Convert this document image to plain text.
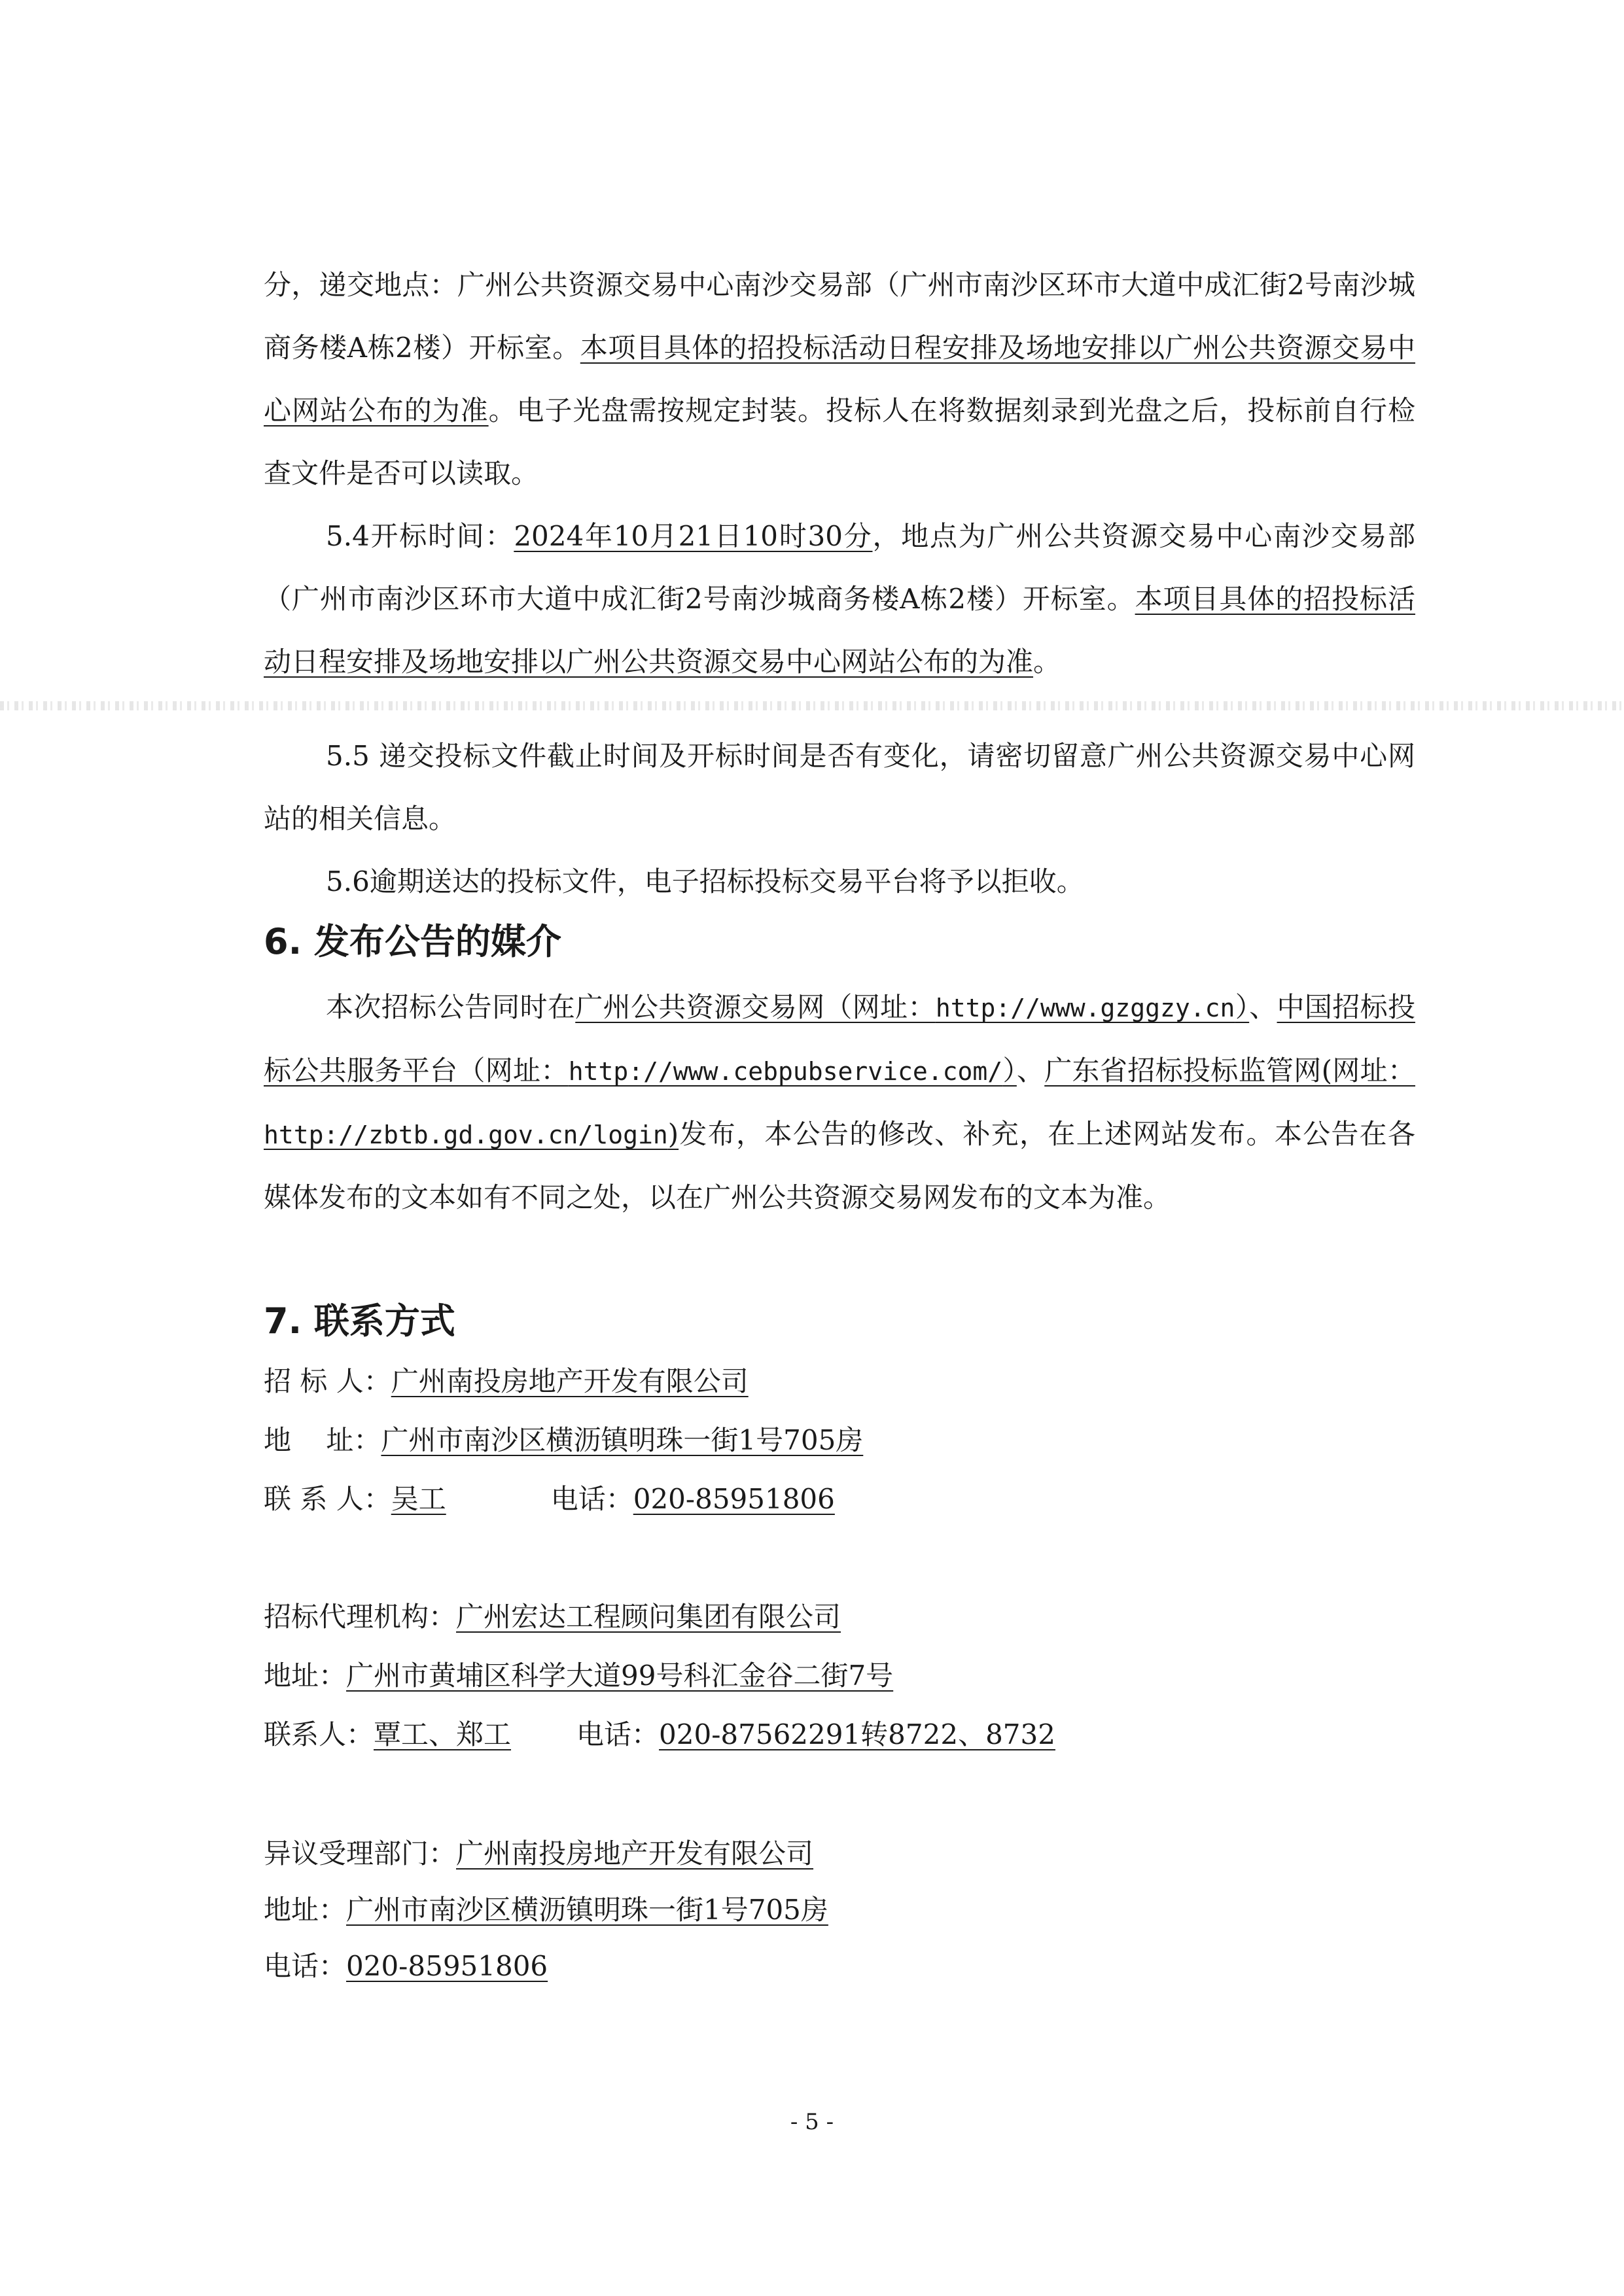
分，递交地点：广州公共资源交易中心南沙交易部（广州市南沙区环市大道中成汇街2号南沙城商务楼A栋2楼）开标室。本项目具体的招投标活动日程安排及场地安排以广州公共资源交易中心网站公布的为准。电子光盘需按规定封装。投标人在将数据刻录到光盘之后，投标前自行检查文件是否可以读取。

5.4开标时间：2024年10月21日10时30分，地点为广州公共资源交易中心南沙交易部（广州市南沙区环市大道中成汇街2号南沙城商务楼A栋2楼）开标室。本项目具体的招投标活动日程安排及场地安排以广州公共资源交易中心网站公布的为准。

5.5 递交投标文件截止时间及开标时间是否有变化，请密切留意广州公共资源交易中心网站的相关信息。

5.6逾期送达的投标文件，电子招标投标交易平台将予以拒收。

6. 发布公告的媒介

本次招标公告同时在广州公共资源交易网（网址：http://www.gzggzy.cn）、中国招标投标公共服务平台（网址：http://www.cebpubservice.com/）、广东省招标投标监管网(网址：http://zbtb.gd.gov.cn/login)发布，本公告的修改、补充，在上述网站发布。本公告在各媒体发布的文本如有不同之处，以在广州公共资源交易网发布的文本为准。

7. 联系方式

招 标 人：广州南投房地产开发有限公司

地    址：广州市南沙区横沥镇明珠一街1号705房

联 系 人：吴工	电话：020-85951806

招标代理机构：广州宏达工程顾问集团有限公司

地址：广州市黄埔区科学大道99号科汇金谷二街7号

联系人：覃工、郑工 电话：020-87562291转8722、8732

异议受理部门：广州南投房地产开发有限公司

地址：广州市南沙区横沥镇明珠一街1号705房

电话：020-85951806

- 5 -
